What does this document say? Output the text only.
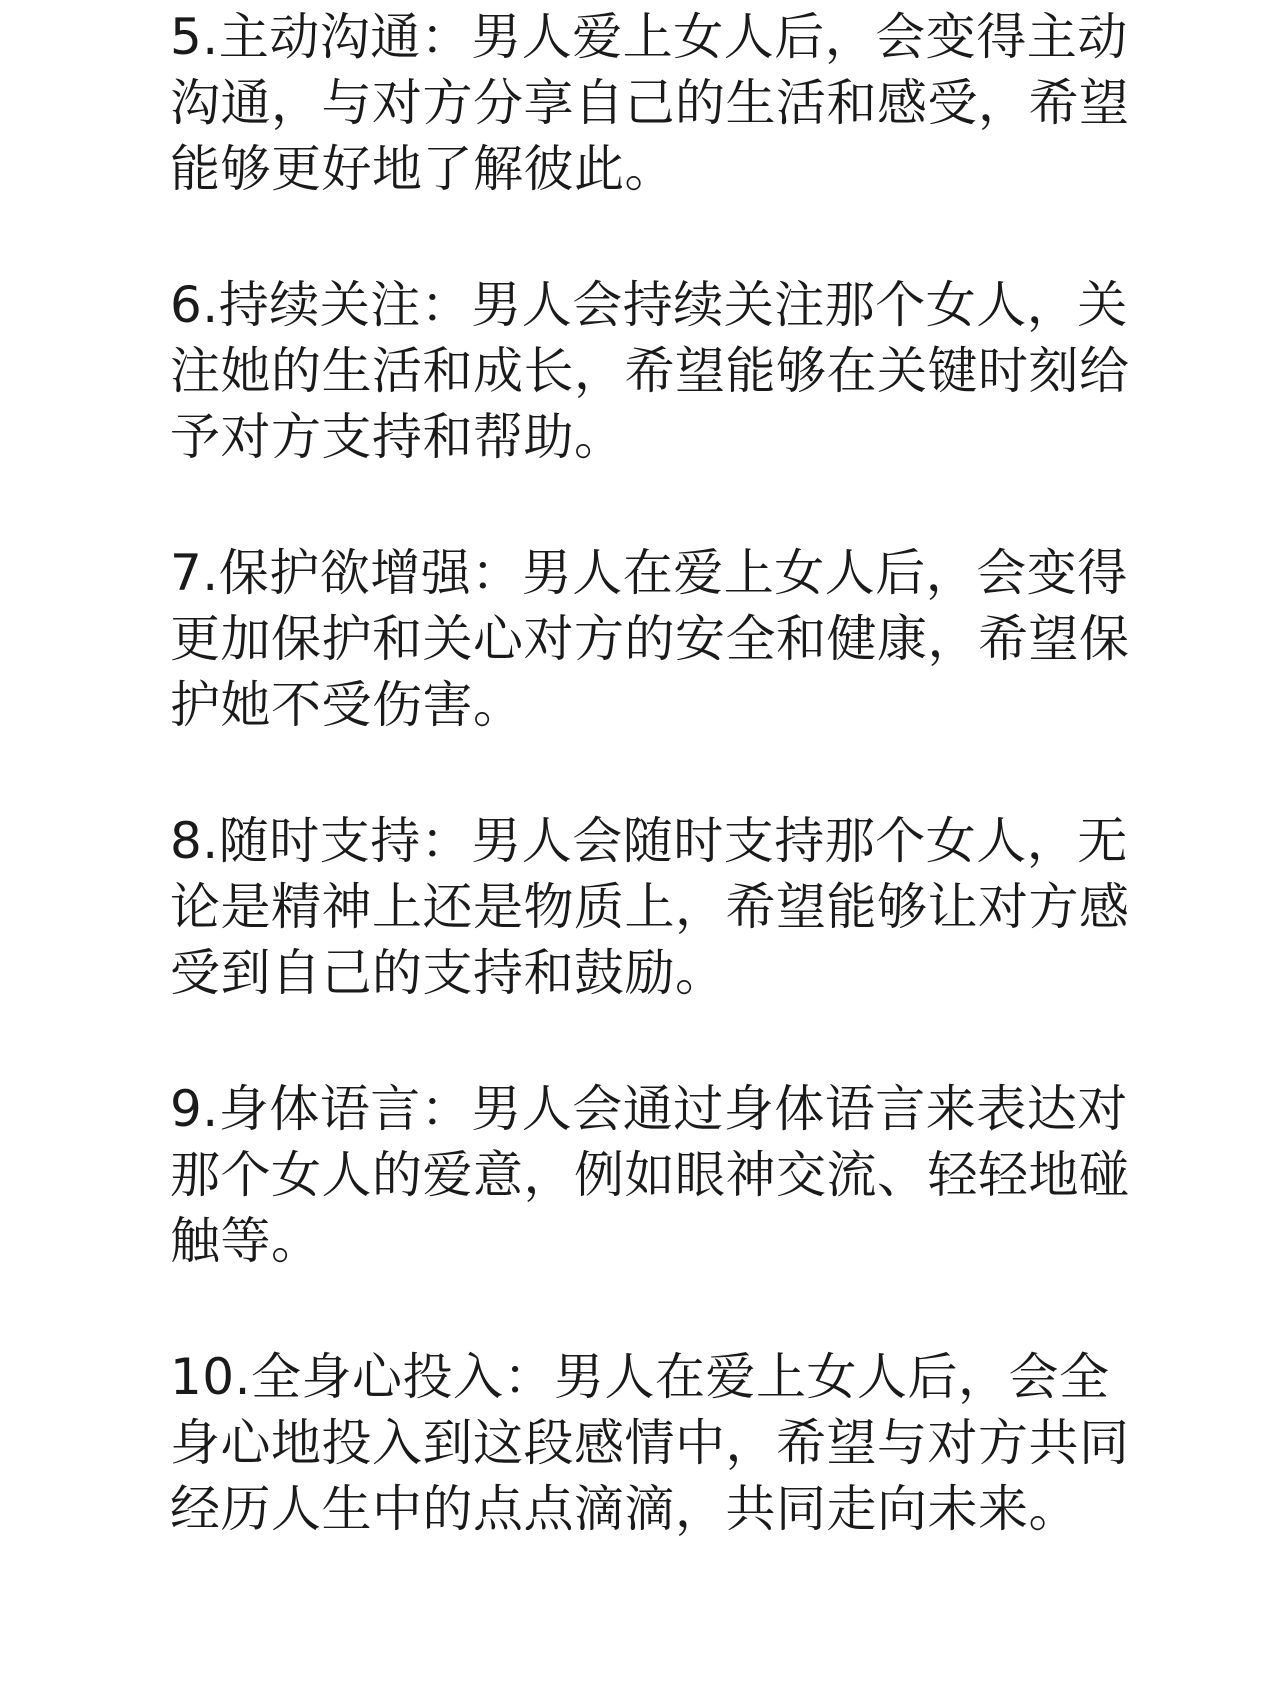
5.主动沟通：男人爱上女人后，会变得主动
沟通，与对方分享自己的生活和感受，希望
能够更好地了解彼此。
6.持续关注：男人会持续关注那个女人，关
注她的生活和成长，希望能够在关键时刻给
予对方支持和帮助。
7.保护欲增强：男人在爱上女人后，会变得
更加保护和关心对方的安全和健康，希望保
护她不受伤害。
8.随时支持：男人会随时支持那个女人，无
论是精神上还是物质上，希望能够让对方感
受到自己的支持和鼓励。
9.身体语言：男人会通过身体语言来表达对
那个女人的爱意，例如眼神交流、轻轻地碰
触等。
10.全身心投入：男人在爱上女人后，会全
身心地投入到这段感情中，希望与对方共同
经历人生中的点点滴滴，共同走向未来。
